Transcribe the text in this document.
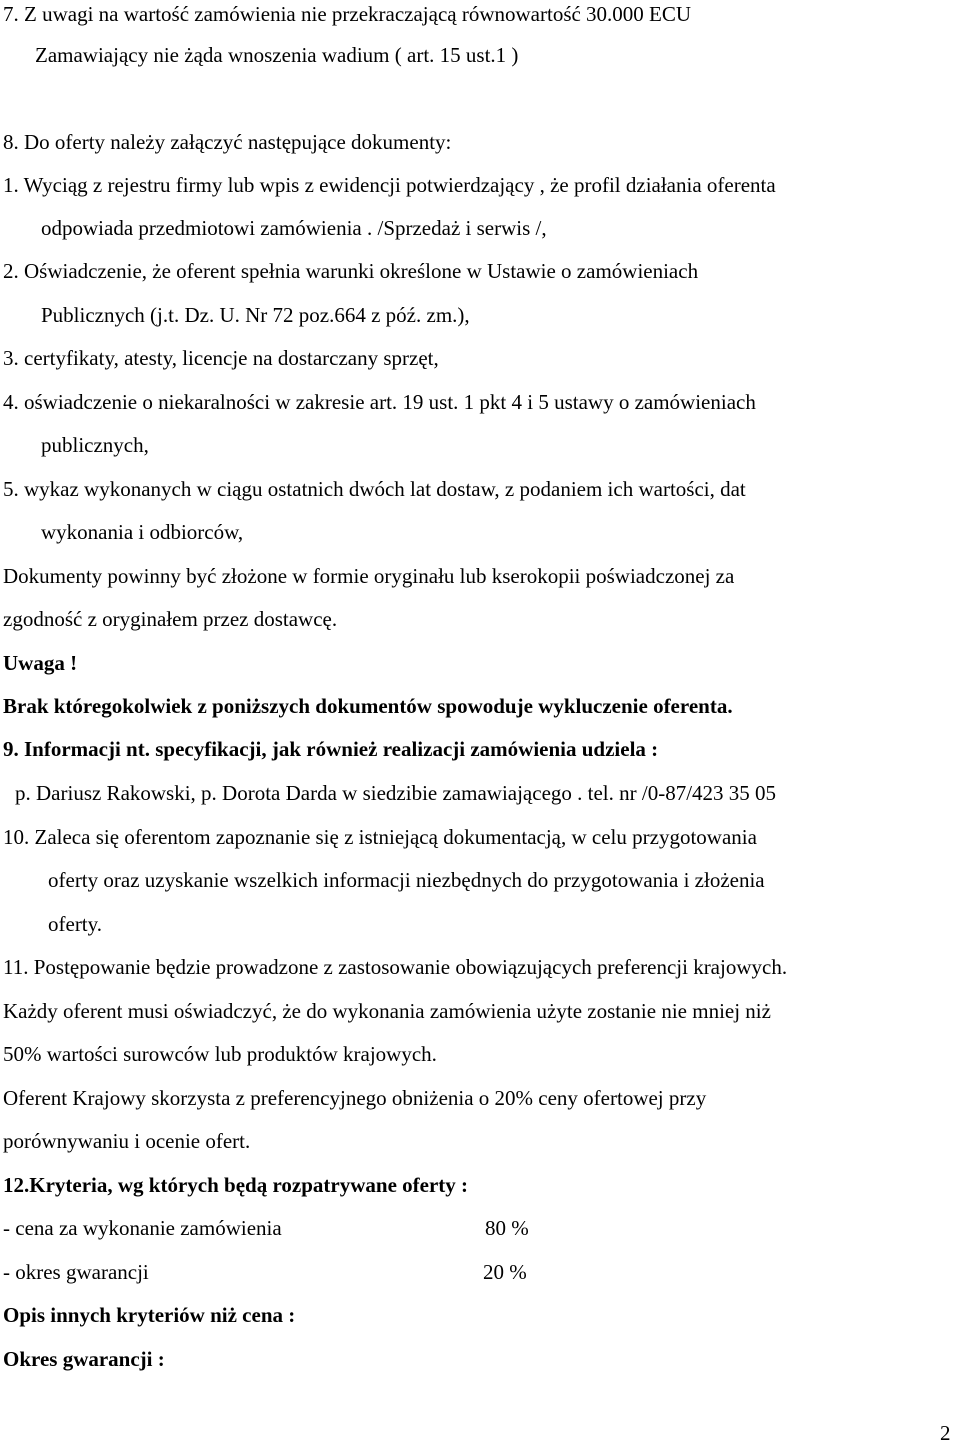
7. Z uwagi na wartość zamówienia nie przekraczającą równowartość 30.000 ECU
Zamawiający nie żąda wnoszenia wadium ( art. 15 ust.1 )
8. Do oferty należy załączyć następujące dokumenty:
1. Wyciąg z rejestru firmy lub wpis z ewidencji potwierdzający , że profil działania oferenta
odpowiada przedmiotowi zamówienia . /Sprzedaż i serwis /,
2. Oświadczenie, że oferent spełnia warunki określone w Ustawie o zamówieniach
Publicznych (j.t. Dz. U. Nr 72 poz.664 z póź. zm.),
3. certyfikaty, atesty, licencje na dostarczany sprzęt,
4. oświadczenie o niekaralności w zakresie art. 19 ust. 1 pkt 4 i 5 ustawy o zamówieniach
publicznych,
5. wykaz wykonanych w ciągu ostatnich dwóch lat dostaw, z podaniem ich wartości, dat
wykonania i odbiorców,
Dokumenty powinny być złożone w formie oryginału lub kserokopii poświadczonej za
zgodność z oryginałem przez dostawcę.
Uwaga !
Brak któregokolwiek z poniższych dokumentów spowoduje wykluczenie oferenta.
9. Informacji nt. specyfikacji, jak również realizacji zamówienia udziela :
p. Dariusz Rakowski, p. Dorota Darda w siedzibie zamawiającego . tel. nr /0-87/423 35 05
10. Zaleca się oferentom zapoznanie się z istniejącą dokumentacją, w celu przygotowania
oferty oraz uzyskanie wszelkich informacji niezbędnych do przygotowania i złożenia
oferty.
11. Postępowanie będzie prowadzone z zastosowanie obowiązujących preferencji krajowych.
Każdy oferent musi oświadczyć, że do wykonania zamówienia użyte zostanie nie mniej niż
50% wartości surowców lub produktów krajowych.
Oferent Krajowy skorzysta z preferencyjnego obniżenia o 20% ceny ofertowej przy
porównywaniu i ocenie ofert.
12.Kryteria, wg których będą rozpatrywane oferty :
- cena za wykonanie zamówienia	80 %
- okres gwarancji	20 %
Opis innych kryteriów niż cena :
Okres gwarancji :
2
